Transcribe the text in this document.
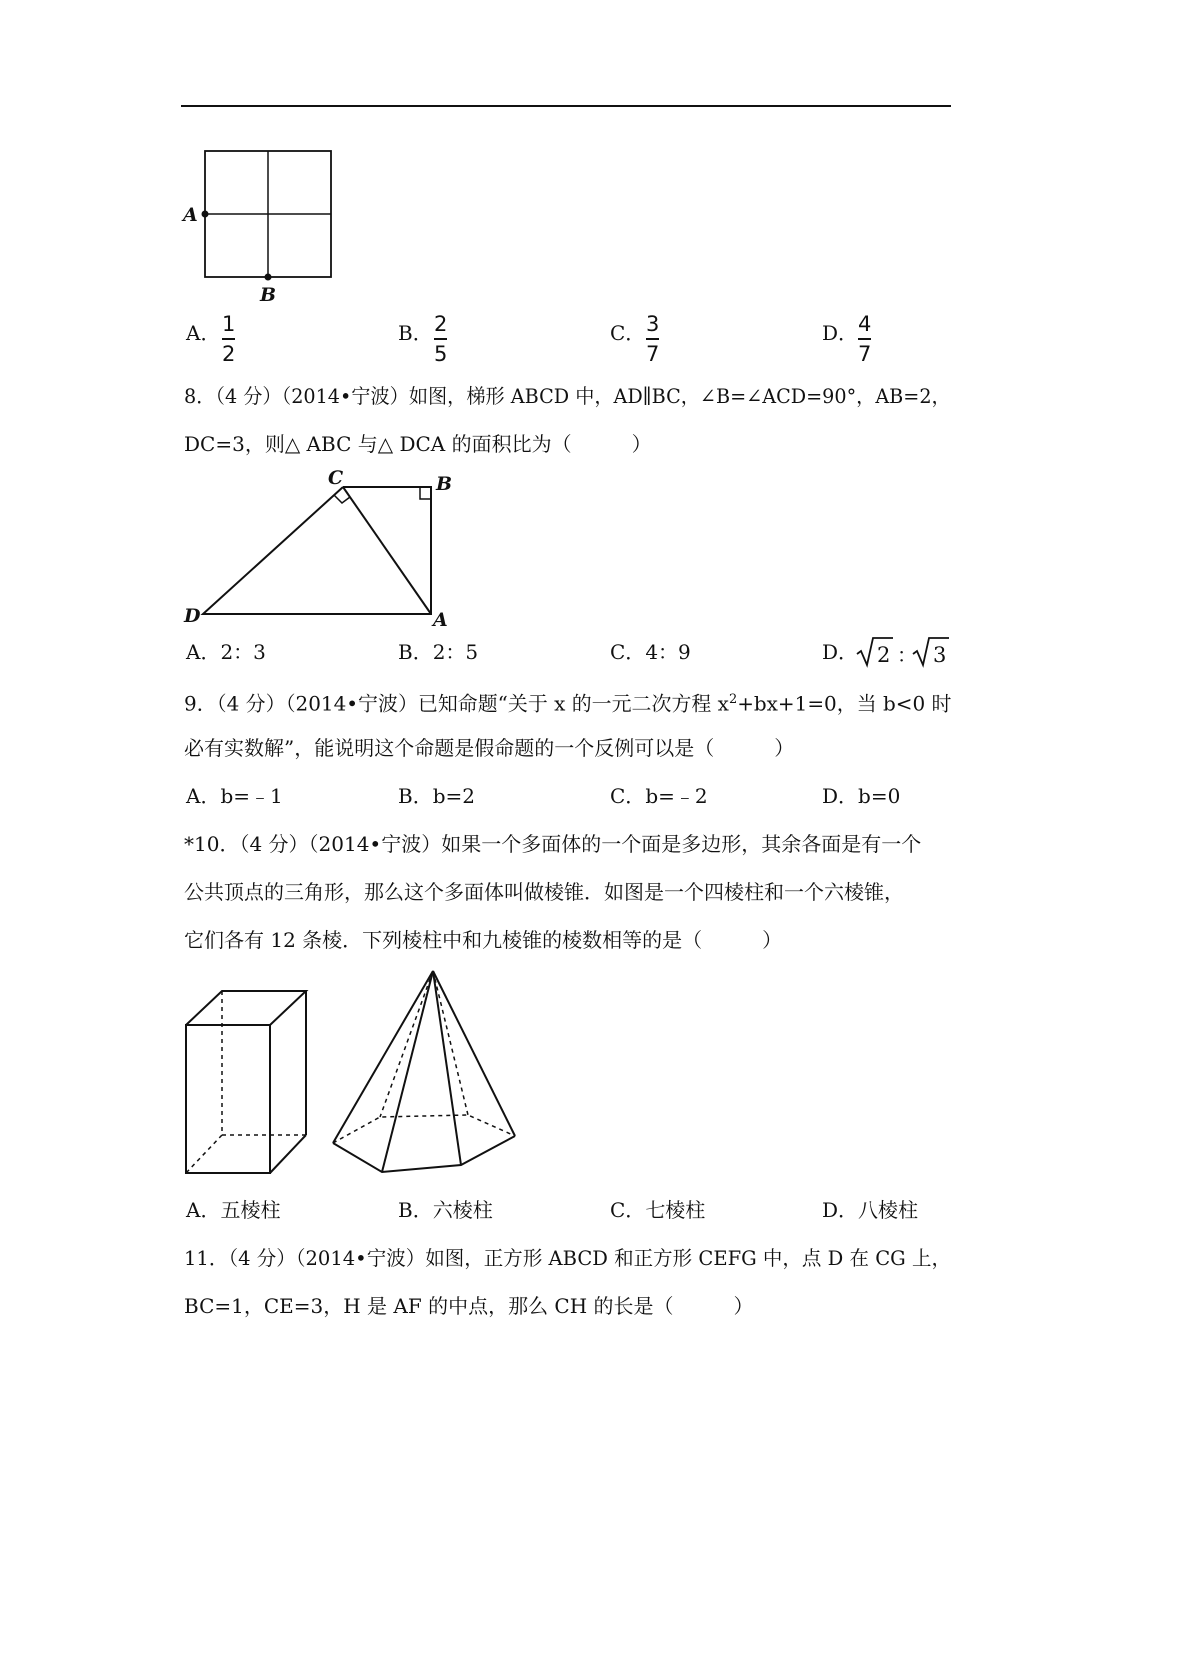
A
B
A． 1
2
B． 2
5
C． 3
7
D． 4
7
8．（4 分）（2014•宁波）如图，梯形 ABCD 中，AD∥BC，∠B=∠ACD=90°，AB=2，
DC=3，则△ ABC 与△ DCA 的面积比为（　　　）
C	B
D	A
A．2：3	B．2：5	C．4：9	D． 2 ： 3
9．（4 分）（2014•宁波）已知命题“关于 x 的一元二次方程 $x^2+bx+1=0$，当 b<0 时
必有实数解”，能说明这个命题是假命题的一个反例可以是（　　　）
A．b=﹣1	B．b=2	C．b=﹣2	D．b=0
*10．（4 分）（2014•宁波）如果一个多面体的一个面是多边形，其余各面是有一个
公共顶点的三角形，那么这个多面体叫做棱锥．如图是一个四棱柱和一个六棱锥，
它们各有 12 条棱．下列棱柱中和九棱锥的棱数相等的是（　　　）
A．五棱柱	B．六棱柱	C．七棱柱	D．八棱柱
11．（4 分）（2014•宁波）如图，正方形 ABCD 和正方形 CEFG 中，点 D 在 CG 上，
BC=1，CE=3，H 是 AF 的中点，那么 CH 的长是（　　　）
